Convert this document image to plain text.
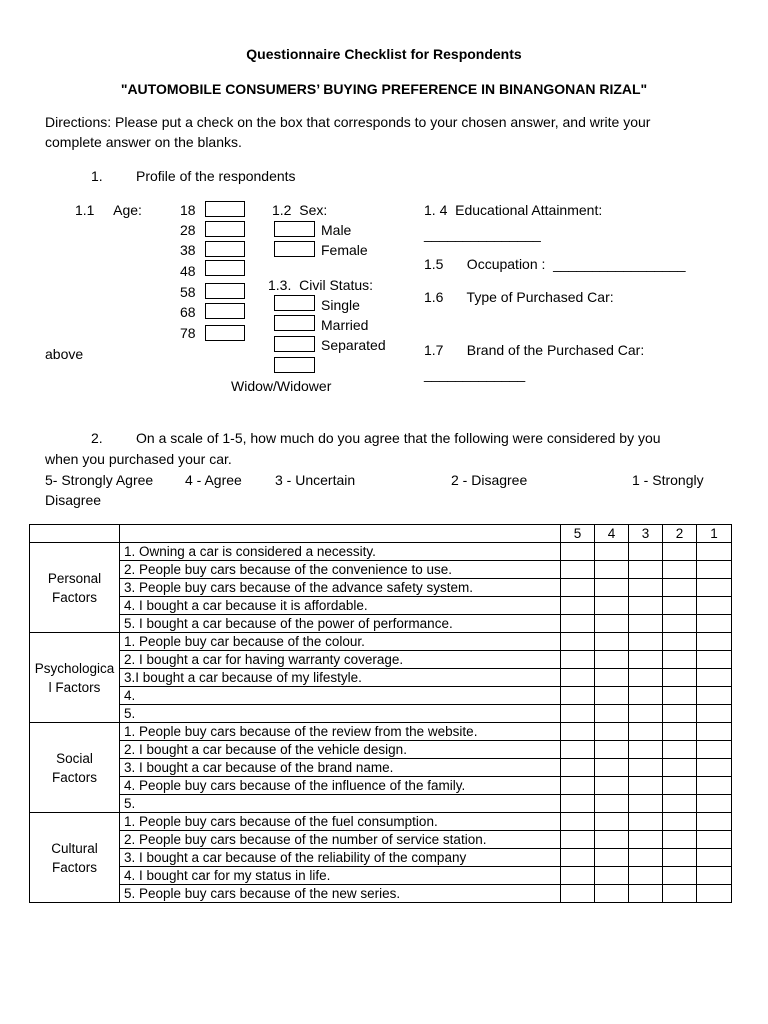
Questionnaire Checklist for Respondents
"AUTOMOBILE CONSUMERS’ BUYING PREFERENCE IN BINANGONAN RIZAL"
Directions: Please put a check on the box that corresponds to your chosen answer, and write your
complete answer on the blanks.
1. Profile of the respondents
1.1     Age:	18
28
38
48
58
68
78
above
1.2  Sex:
Male
Female
1.3.  Civil Status:
Single
Married
Separated
Widow/Widower
1. 4  Educational Attainment:
_______________
1.5      Occupation :  _________________
1.6      Type of Purchased Car:
1.7      Brand of the Purchased Car:
_____________
2. On a scale of 1-5, how much do you agree that the following were considered by you
when you purchased your car.
5- Strongly Agree 4 - Agree 3 - Uncertain	2 - Disagree	1 - Strongly
Disagree
		5	4	3	2	1
Personal Factors	1. Owning a car is considered a necessity.					
	2. People buy cars because of the convenience to use.					
	3. People buy cars because of the advance safety system.					
	4. I bought a car because it is affordable.					
	5. I bought a car because of the power of performance.					
Psychological Factors	1. People buy car because of the colour.					
	2. I bought a car for having warranty coverage.					
	3.I bought a car because of my lifestyle.					
	4.					
	5.					
Social Factors	1. People buy cars because of the review from the website.					
	2. I bought a car because of the vehicle design.					
	3. I bought a car because of the brand name.					
	4. People buy cars because of the influence of the family.					
	5.					
Cultural Factors	1. People buy cars because of the fuel consumption.					
	2. People buy cars because of the number of service station.					
	3. I bought a car because of the reliability of the company					
	4. I bought car for my status in life.					
	5. People buy cars because of the new series.					
